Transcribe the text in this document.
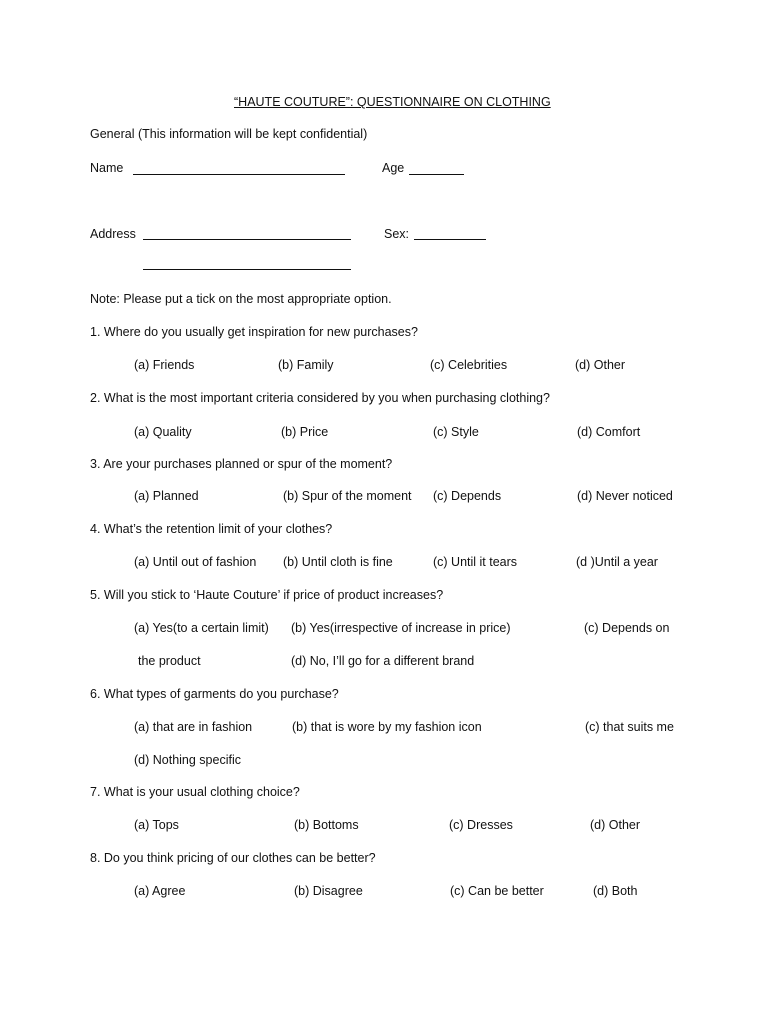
“HAUTE COUTURE”: QUESTIONNAIRE ON CLOTHING
General (This information will be kept confidential)
Name	Age
Address	Sex:
Note: Please put a tick on the most appropriate option.
1. Where do you usually get inspiration for new purchases?
(a) Friends	(b) Family	(c) Celebrities	(d) Other
2. What is the most important criteria considered by you when purchasing clothing?
(a) Quality	(b) Price	(c) Style	(d) Comfort
3. Are your purchases planned or spur of the moment?
(a) Planned	(b) Spur of the moment (c) Depends	(d) Never noticed
4. What’s the retention limit of your clothes?
(a) Until out of fashion (b) Until cloth is fine	(c) Until it tears	(d )Until a year
5. Will you stick to ‘Haute Couture’ if price of product increases?
(a) Yes(to a certain limit) (b) Yes(irrespective of increase in price)	(c) Depends on
the product	(d) No, I’ll go for a different brand
6. What types of garments do you purchase?
(a) that are in fashion	(b) that is wore by my fashion icon	(c) that suits me
(d) Nothing specific
7. What is your usual clothing choice?
(a) Tops	(b) Bottoms	(c) Dresses	(d) Other
8. Do you think pricing of our clothes can be better?
(a) Agree	(b) Disagree	(c) Can be better	(d) Both
